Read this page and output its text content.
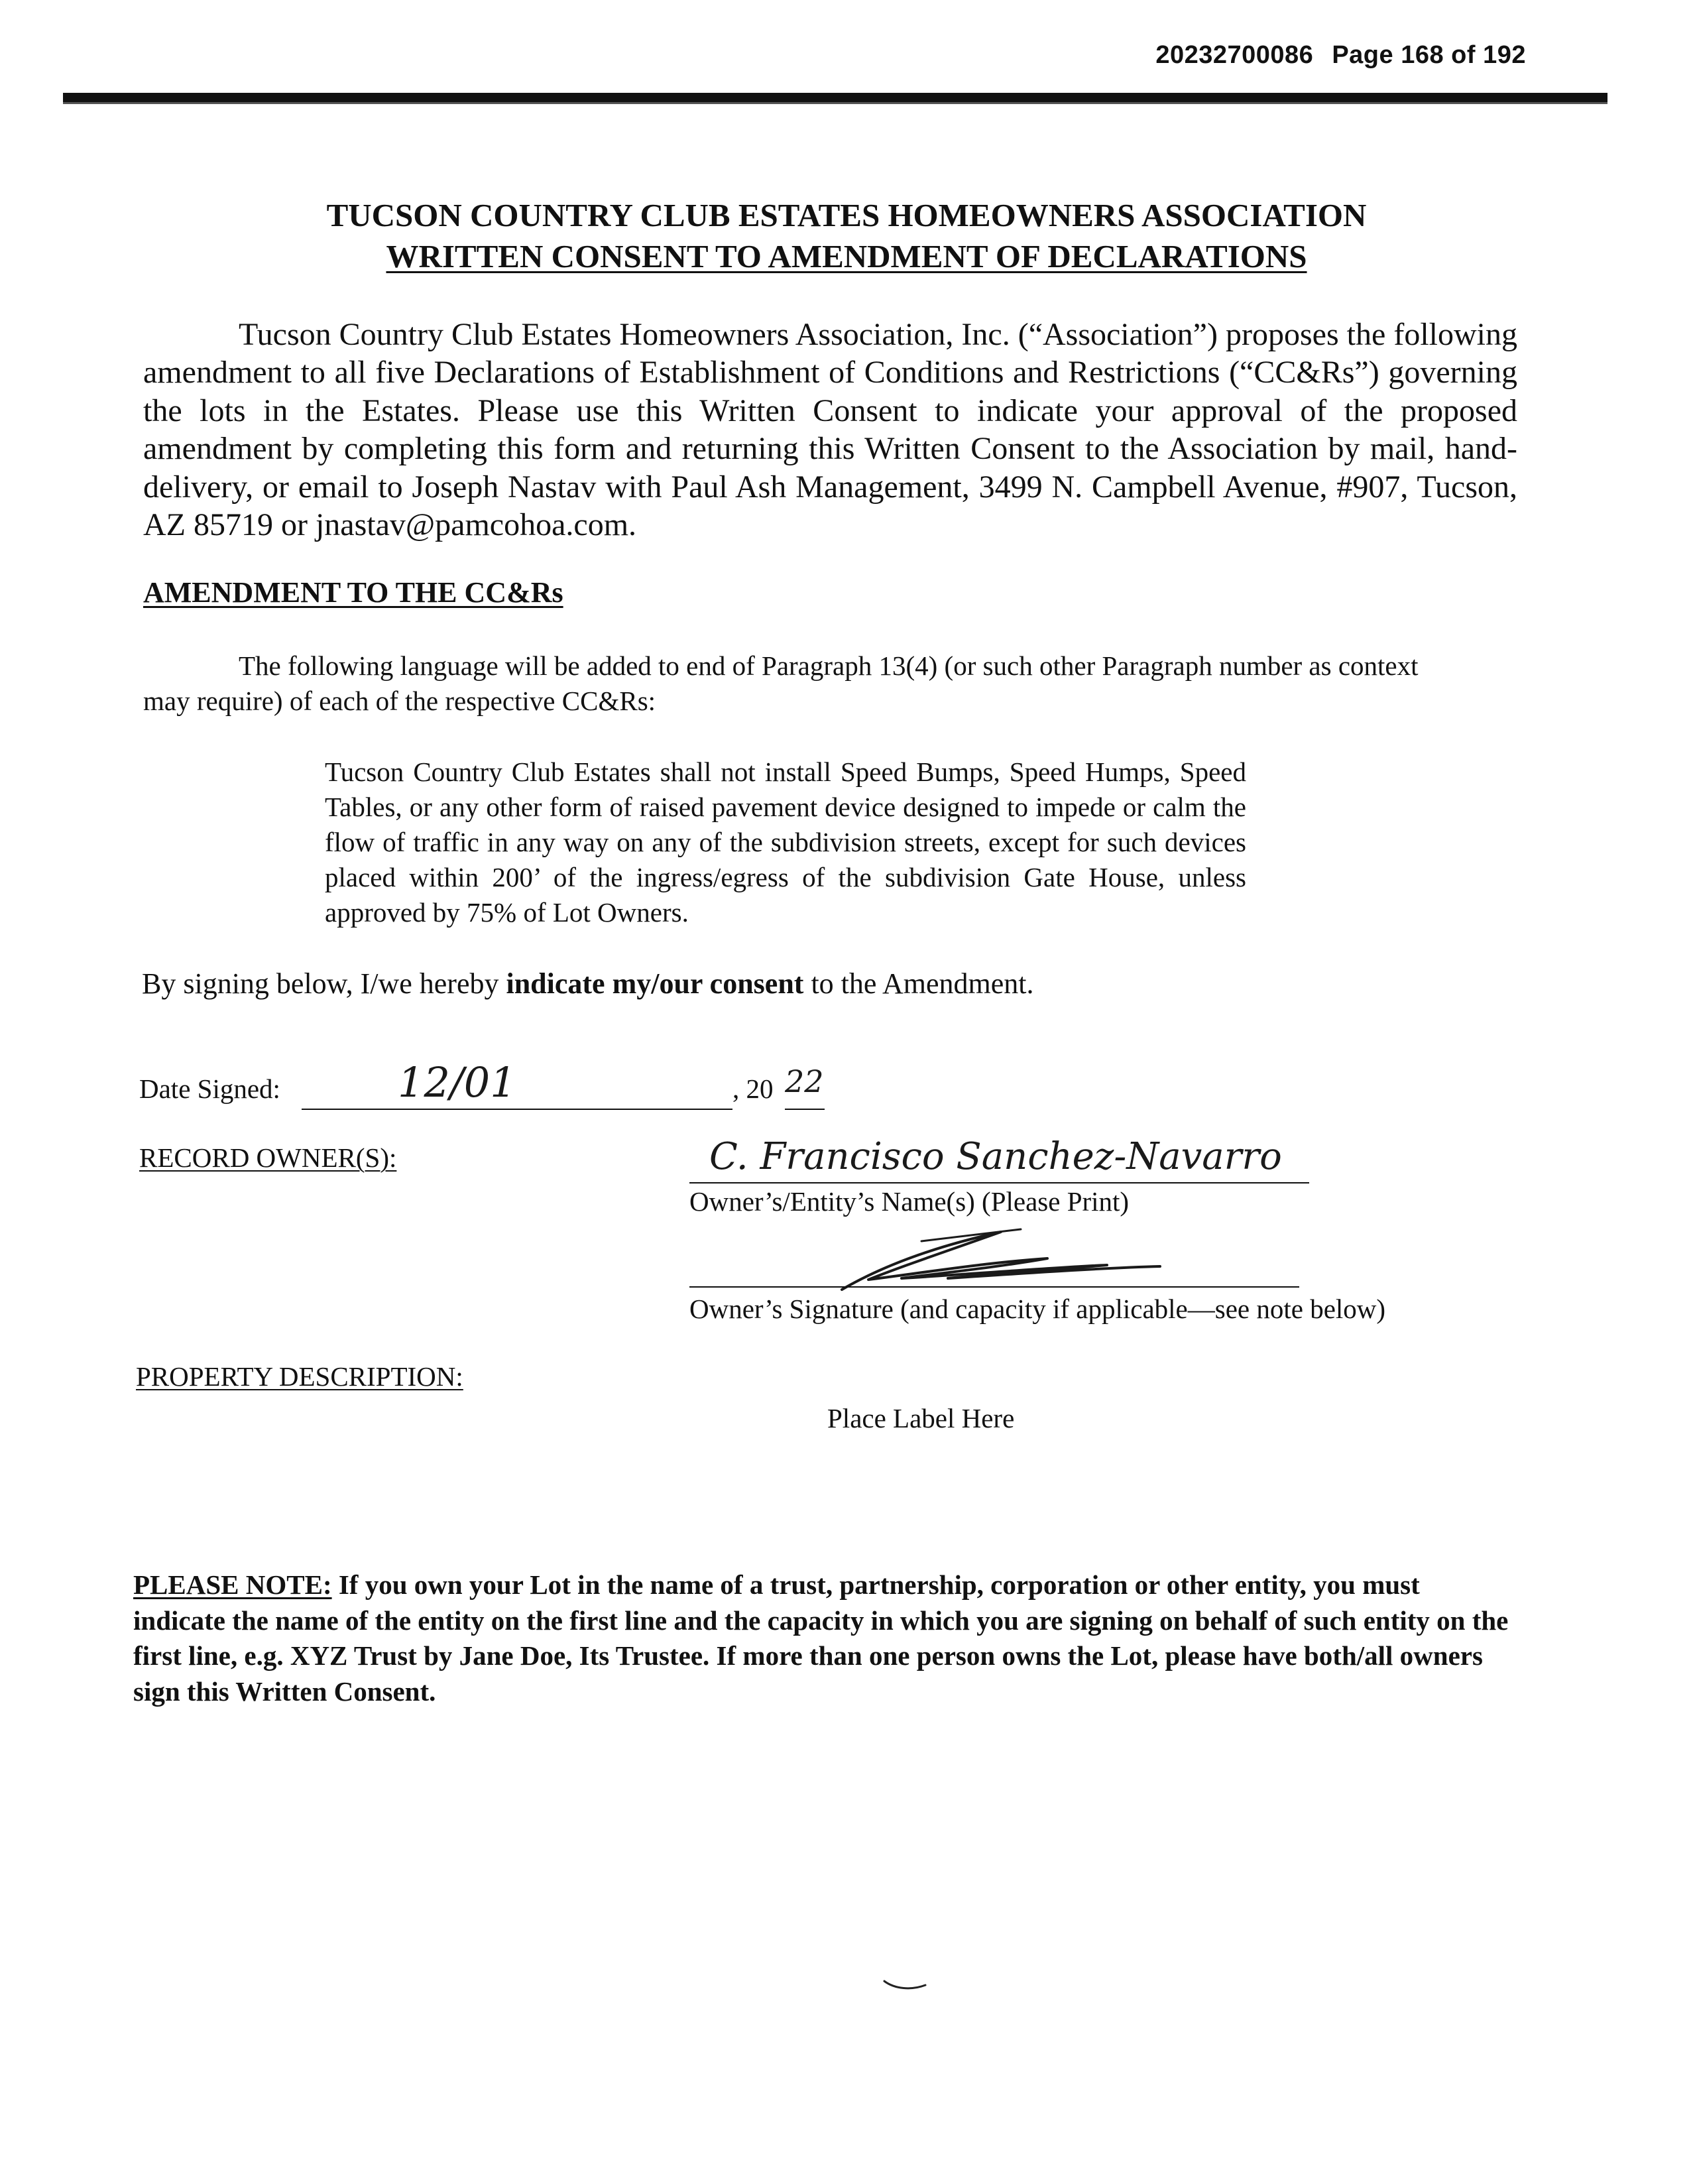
20232700086 Page 168 of 192
TUCSON COUNTRY CLUB ESTATES HOMEOWNERS ASSOCIATION
WRITTEN CONSENT TO AMENDMENT OF DECLARATIONS
Tucson Country Club Estates Homeowners Association, Inc. (“Association”) proposes the following amendment to all five Declarations of Establishment of Conditions and Restrictions (“CC&Rs”) governing the lots in the Estates. Please use this Written Consent to indicate your approval of the proposed amendment by completing this form and returning this Written Consent to the Association by mail, hand-delivery, or email to Joseph Nastav with Paul Ash Management, 3499 N. Campbell Avenue, #907, Tucson, AZ 85719 or jnastav@pamcohoa.com.
AMENDMENT TO THE CC&Rs
The following language will be added to end of Paragraph 13(4) (or such other Paragraph number as context may require) of each of the respective CC&Rs:
Tucson Country Club Estates shall not install Speed Bumps, Speed Humps, Speed Tables, or any other form of raised pavement device designed to impede or calm the flow of traffic in any way on any of the subdivision streets, except for such devices placed within 200’ of the ingress/egress of the subdivision Gate House, unless approved by 75% of Lot Owners.
By signing below, I/we hereby indicate my/our consent to the Amendment.
Date Signed:	12/01	, 20 22
RECORD OWNER(S):	C. Francisco Sanchez-Navarro
Owner’s/Entity’s Name(s) (Please Print)
Owner’s Signature (and capacity if applicable—see note below)
PROPERTY DESCRIPTION:
Place Label Here
PLEASE NOTE: If you own your Lot in the name of a trust, partnership, corporation or other entity, you must indicate the name of the entity on the first line and the capacity in which you are signing on behalf of such entity on the first line, e.g. XYZ Trust by Jane Doe, Its Trustee. If more than one person owns the Lot, please have both/all owners sign this Written Consent.
